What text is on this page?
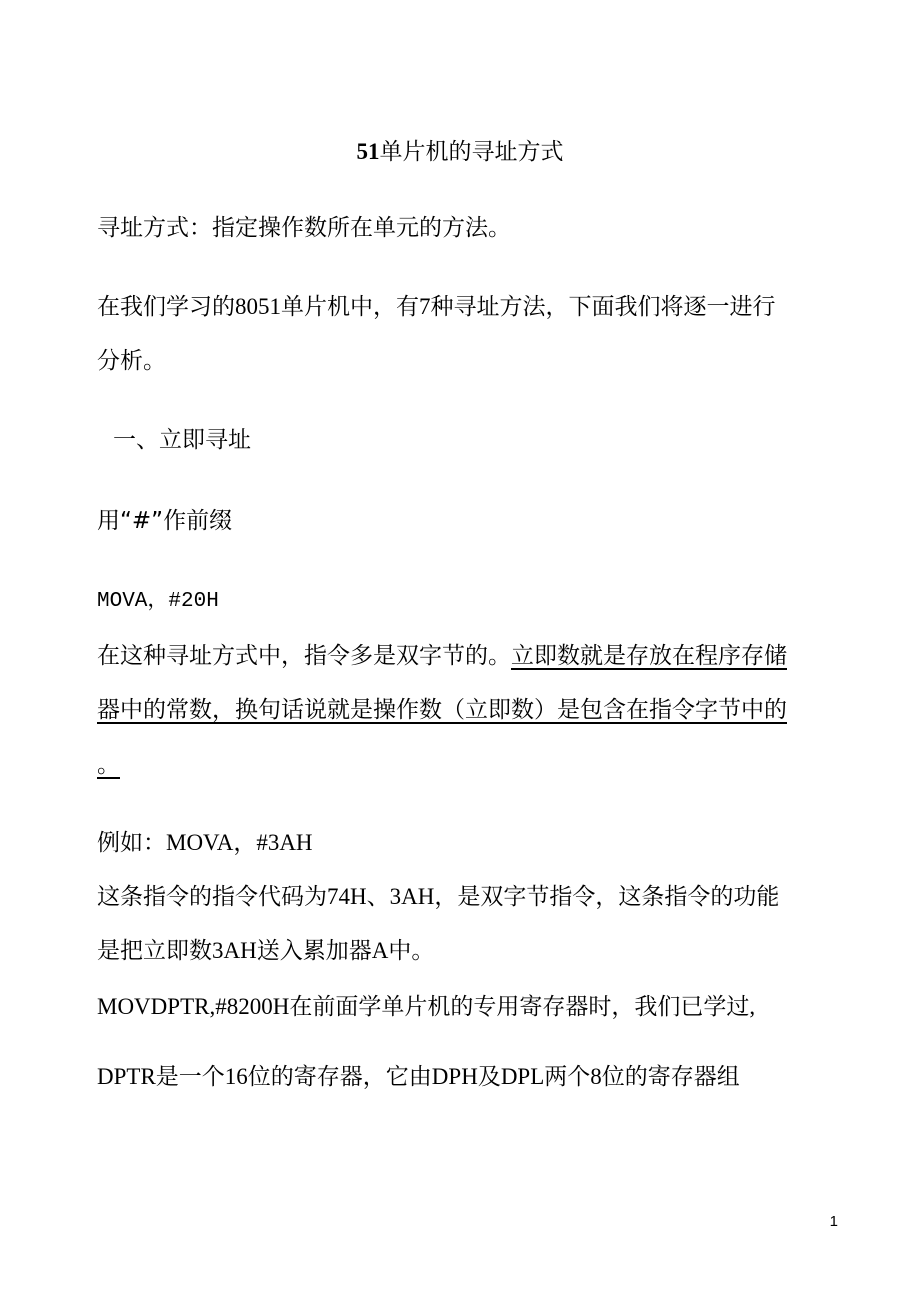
51单片机的寻址方式
寻址方式：指定操作数所在单元的方法。
在我们学习的8051单片机中，有7种寻址方法，下面我们将逐一进行
分析。
一、立即寻址
用“#”作前缀
MOVA，#20H
在这种寻址方式中，指令多是双字节的。立即数就是存放在程序存储
器中的常数，换句话说就是操作数（立即数）是包含在指令字节中的
。
例如：MOVA，#3AH
这条指令的指令代码为74H、3AH，是双字节指令，这条指令的功能
是把立即数3AH送入累加器A中。
MOVDPTR,#8200H在前面学单片机的专用寄存器时，我们已学过,
DPTR是一个16位的寄存器，它由DPH及DPL两个8位的寄存器组
1
